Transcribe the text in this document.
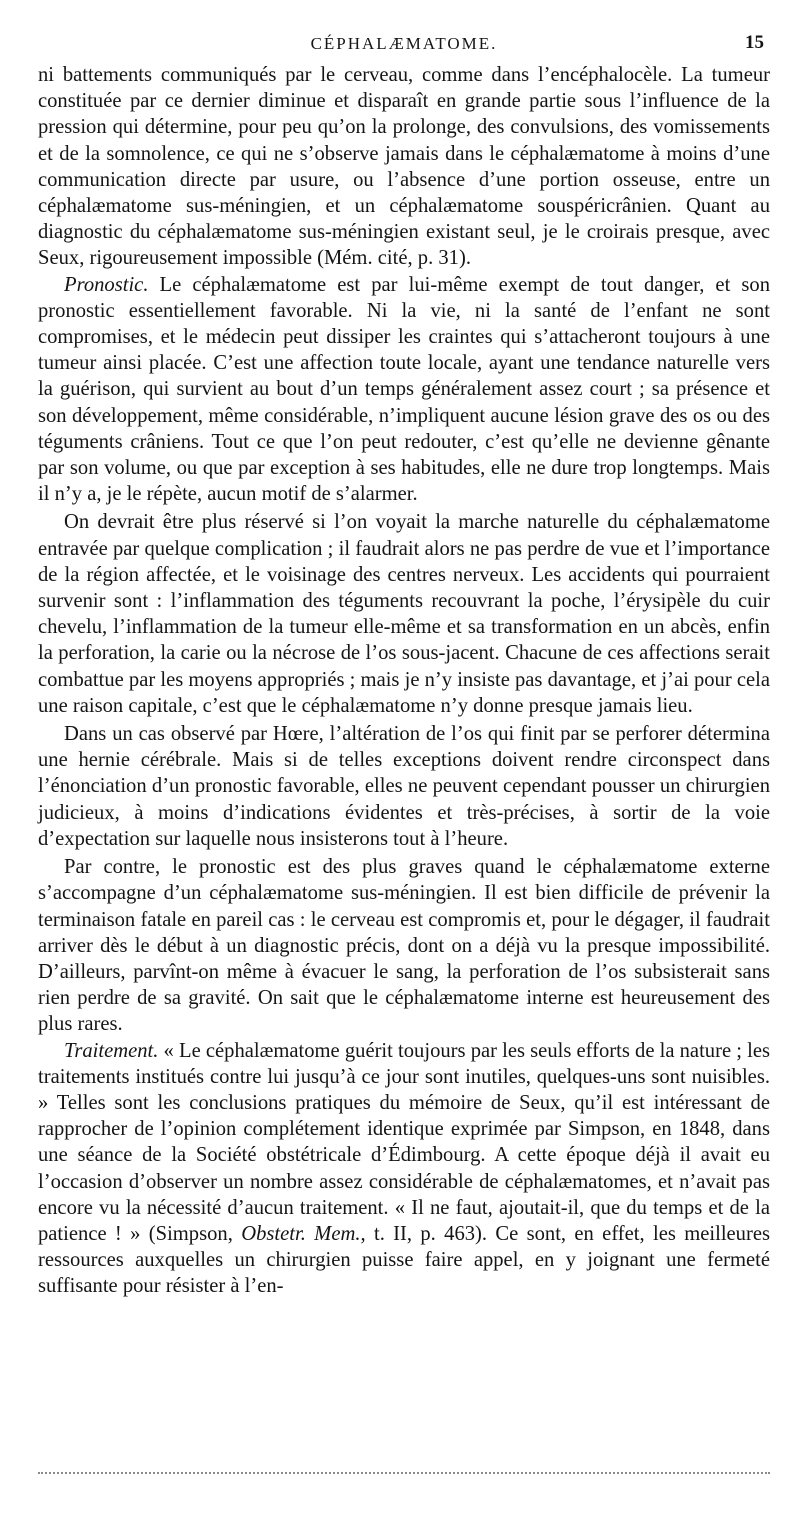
CÉPHALÆMATOME.	15

ni battements communiqués par le cerveau, comme dans l’encéphalocèle. La tumeur constituée par ce dernier diminue et disparaît en grande partie sous l’influence de la pression qui détermine, pour peu qu’on la prolonge, des convulsions, des vomissements et de la somnolence, ce qui ne s’observe jamais dans le céphalæmatome à moins d’une communication directe par usure, ou l’absence d’une portion osseuse, entre un céphalæmatome sus-méningien, et un céphalæmatome souspéricrânien. Quant au diagnostic du céphalæmatome sus-méningien existant seul, je le croirais presque, avec Seux, rigoureusement impossible (Mém. cité, p. 31).

Pronostic. Le céphalæmatome est par lui-même exempt de tout danger, et son pronostic essentiellement favorable. Ni la vie, ni la santé de l’enfant ne sont compromises, et le médecin peut dissiper les craintes qui s’attacheront toujours à une tumeur ainsi placée. C’est une affection toute locale, ayant une tendance naturelle vers la guérison, qui survient au bout d’un temps généralement assez court ; sa présence et son développement, même considérable, n’impliquent aucune lésion grave des os ou des téguments crâniens. Tout ce que l’on peut redouter, c’est qu’elle ne devienne gênante par son volume, ou que par exception à ses habitudes, elle ne dure trop longtemps. Mais il n’y a, je le répète, aucun motif de s’alarmer.

On devrait être plus réservé si l’on voyait la marche naturelle du céphalæmatome entravée par quelque complication ; il faudrait alors ne pas perdre de vue et l’importance de la région affectée, et le voisinage des centres nerveux. Les accidents qui pourraient survenir sont : l’inflammation des téguments recouvrant la poche, l’érysipèle du cuir chevelu, l’inflammation de la tumeur elle-même et sa transformation en un abcès, enfin la perforation, la carie ou la nécrose de l’os sous-jacent. Chacune de ces affections serait combattue par les moyens appropriés ; mais je n’y insiste pas davantage, et j’ai pour cela une raison capitale, c’est que le céphalæmatome n’y donne presque jamais lieu.

Dans un cas observé par Hœre, l’altération de l’os qui finit par se perforer détermina une hernie cérébrale. Mais si de telles exceptions doivent rendre circonspect dans l’énonciation d’un pronostic favorable, elles ne peuvent cependant pousser un chirurgien judicieux, à moins d’indications évidentes et très-précises, à sortir de la voie d’expectation sur laquelle nous insisterons tout à l’heure.

Par contre, le pronostic est des plus graves quand le céphalæmatome externe s’accompagne d’un céphalæmatome sus-méningien. Il est bien difficile de prévenir la terminaison fatale en pareil cas : le cerveau est compromis et, pour le dégager, il faudrait arriver dès le début à un diagnostic précis, dont on a déjà vu la presque impossibilité. D’ailleurs, parvînt-on même à évacuer le sang, la perforation de l’os subsisterait sans rien perdre de sa gravité. On sait que le céphalæmatome interne est heureusement des plus rares.

Traitement. « Le céphalæmatome guérit toujours par les seuls efforts de la nature ; les traitements institués contre lui jusqu’à ce jour sont inutiles, quelques-uns sont nuisibles. » Telles sont les conclusions pratiques du mémoire de Seux, qu’il est intéressant de rapprocher de l’opinion complétement identique exprimée par Simpson, en 1848, dans une séance de la Société obstétricale d’Édimbourg. A cette époque déjà il avait eu l’occasion d’observer un nombre assez considérable de céphalæmatomes, et n’avait pas encore vu la nécessité d’aucun traitement. « Il ne faut, ajoutait-il, que du temps et de la patience ! » (Simpson, Obstetr. Mem., t. II, p. 463). Ce sont, en effet, les meilleures ressources auxquelles un chirurgien puisse faire appel, en y joignant une fermeté suffisante pour résister à l’en-
